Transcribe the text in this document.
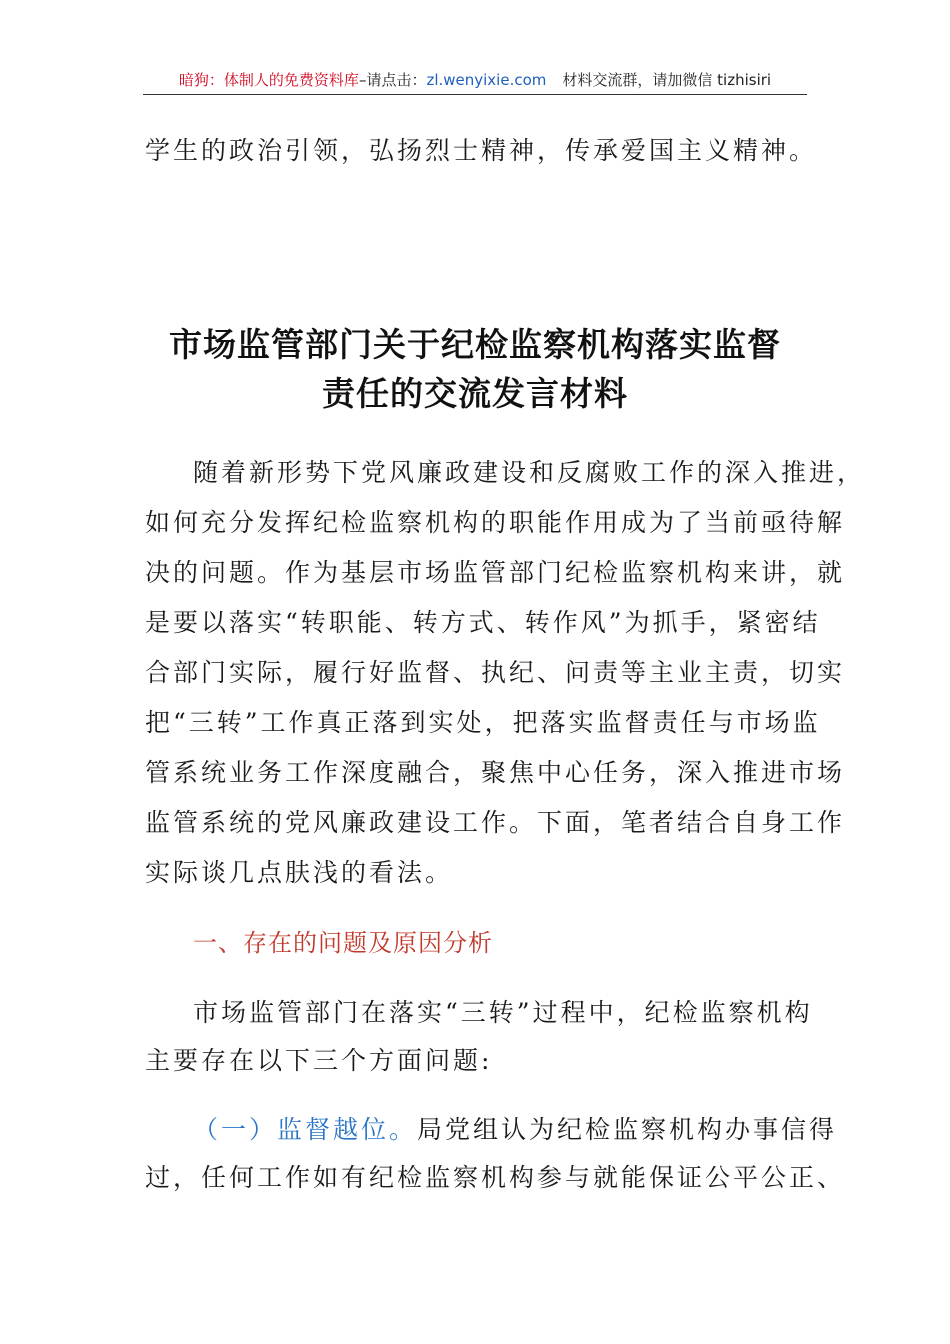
暗狗：体制人的免费资料库–请点击：zl.wenyixie.com 材料交流群，请加微信 tizhisiri
学生的政治引领，弘扬烈士精神，传承爱国主义精神。
市场监管部门关于纪检监察机构落实监督
责任的交流发言材料
随着新形势下党风廉政建设和反腐败工作的深入推进，
如何充分发挥纪检监察机构的职能作用成为了当前亟待解
决的问题。作为基层市场监管部门纪检监察机构来讲，就
是要以落实“转职能、转方式、转作风”为抓手，紧密结
合部门实际，履行好监督、执纪、问责等主业主责，切实
把“三转”工作真正落到实处，把落实监督责任与市场监
管系统业务工作深度融合，聚焦中心任务，深入推进市场
监管系统的党风廉政建设工作。下面，笔者结合自身工作
实际谈几点肤浅的看法。
一、存在的问题及原因分析
市场监管部门在落实“三转”过程中，纪检监察机构
主要存在以下三个方面问题:
（一）监督越位。局党组认为纪检监察机构办事信得
过，任何工作如有纪检监察机构参与就能保证公平公正、
